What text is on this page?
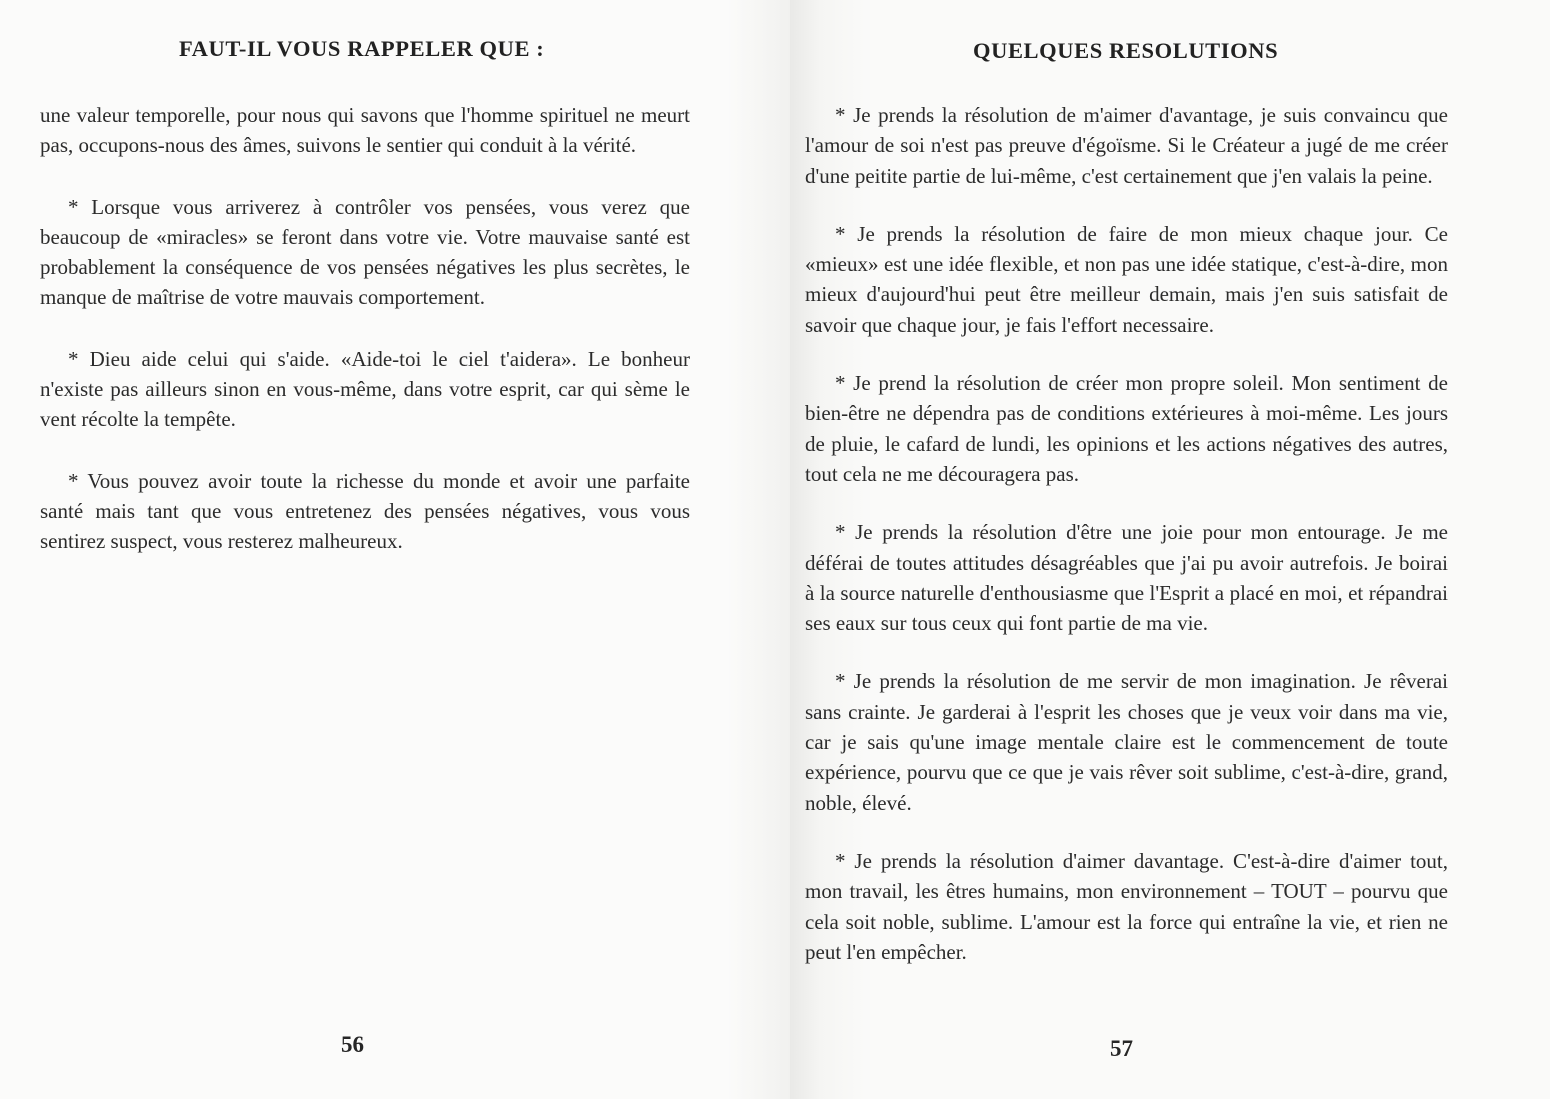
FAUT-IL VOUS RAPPELER QUE :

une valeur temporelle, pour nous qui savons que l'homme spirituel ne meurt pas, occupons-nous des âmes, suivons le sentier qui conduit à la vérité.

* Lorsque vous arriverez à contrôler vos pensées, vous verez que beaucoup de «miracles» se feront dans votre vie. Votre mauvaise santé est probablement la conséquence de vos pensées négatives les plus secrètes, le manque de maîtrise de votre mauvais comportement.

* Dieu aide celui qui s'aide. «Aide-toi le ciel t'aidera». Le bonheur n'existe pas ailleurs sinon en vous-même, dans votre esprit, car qui sème le vent récolte la tempête.

* Vous pouvez avoir toute la richesse du monde et avoir une parfaite santé mais tant que vous entretenez des pensées négatives, vous vous sentirez suspect, vous resterez malheureux.

56
QUELQUES RESOLUTIONS

* Je prends la résolution de m'aimer d'avantage, je suis convaincu que l'amour de soi n'est pas preuve d'égoïsme. Si le Créateur a jugé de me créer d'une peitite partie de lui-même, c'est certainement que j'en valais la peine.

* Je prends la résolution de faire de mon mieux chaque jour. Ce «mieux» est une idée flexible, et non pas une idée statique, c'est-à-dire, mon mieux d'aujourd'hui peut être meilleur demain, mais j'en suis satisfait de savoir que chaque jour, je fais l'effort necessaire.

* Je prend la résolution de créer mon propre soleil. Mon sentiment de bien-être ne dépendra pas de conditions extérieures à moi-même. Les jours de pluie, le cafard de lundi, les opinions et les actions négatives des autres, tout cela ne me découragera pas.

* Je prends la résolution d'être une joie pour mon entourage. Je me déférai de toutes attitudes désagréables que j'ai pu avoir autrefois. Je boirai à la source naturelle d'enthousiasme que l'Esprit a placé en moi, et répandrai ses eaux sur tous ceux qui font partie de ma vie.

* Je prends la résolution de me servir de mon imagination. Je rêverai sans crainte. Je garderai à l'esprit les choses que je veux voir dans ma vie, car je sais qu'une image mentale claire est le commencement de toute expérience, pourvu que ce que je vais rêver soit sublime, c'est-à-dire, grand, noble, élevé.

* Je prends la résolution d'aimer davantage. C'est-à-dire d'aimer tout, mon travail, les êtres humains, mon environnement – TOUT – pourvu que cela soit noble, sublime. L'amour est la force qui entraîne la vie, et rien ne peut l'en empêcher.

57
